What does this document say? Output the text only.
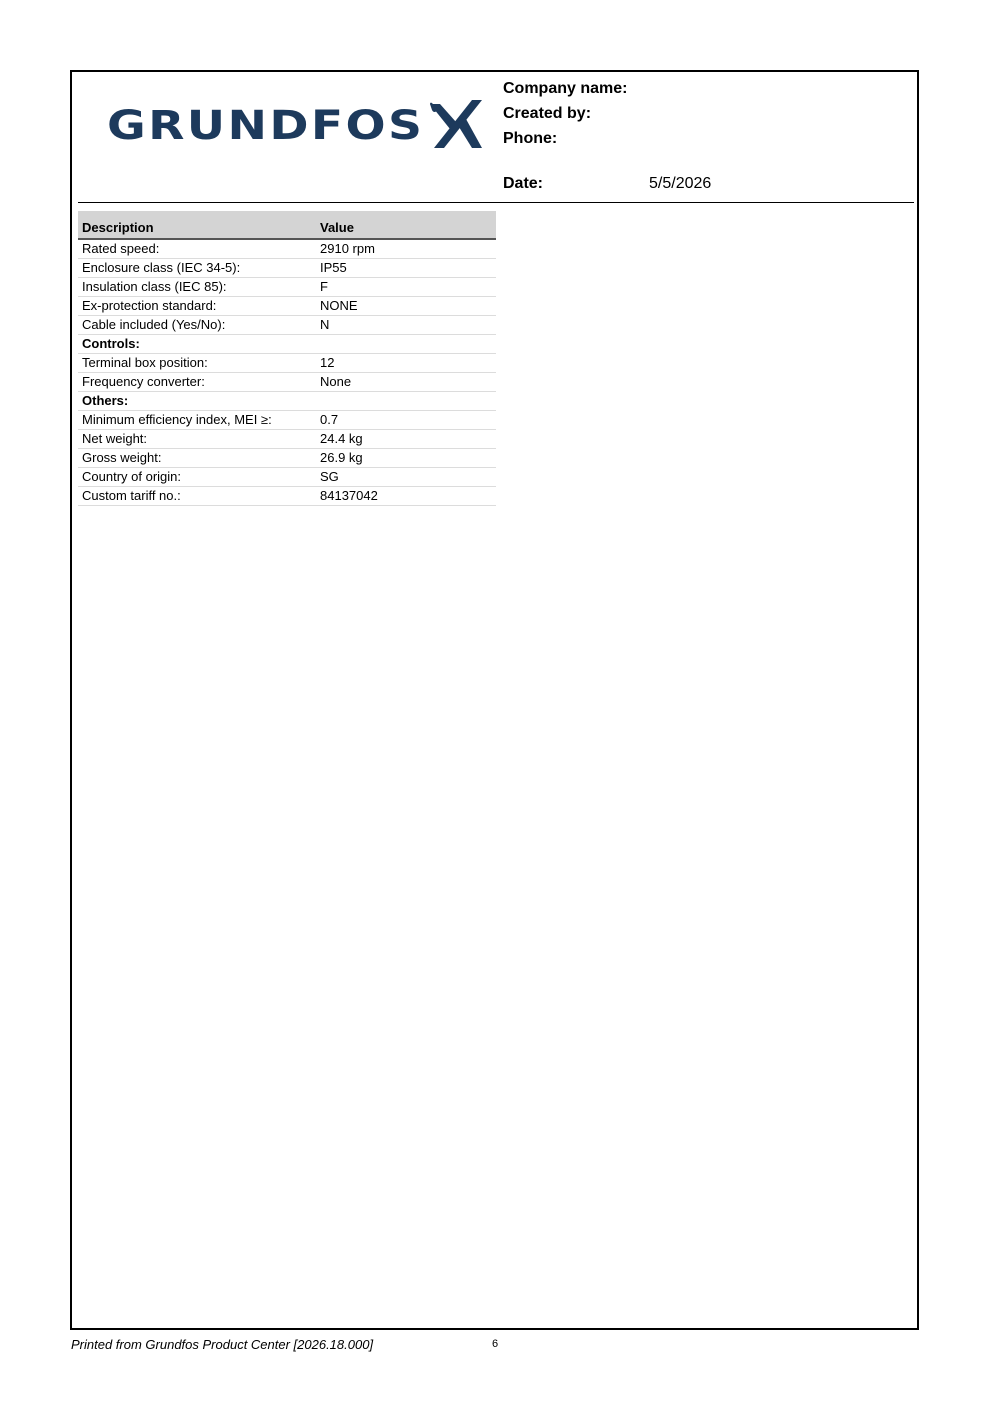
GRUNDFOS
Company name:
Created by:
Phone:
Date:	5/5/2026
Description	Value
Rated speed:	2910 rpm
Enclosure class (IEC 34-5):	IP55
Insulation class (IEC 85):	F
Ex-protection standard:	NONE
Cable included (Yes/No):	N
Controls:	
Terminal box position:	12
Frequency converter:	None
Others:	
Minimum efficiency index, MEI ≥:	0.7
Net weight:	24.4 kg
Gross weight:	26.9 kg
Country of origin:	SG
Custom tariff no.:	84137042
Printed from Grundfos Product Center [2026.18.000]	6
